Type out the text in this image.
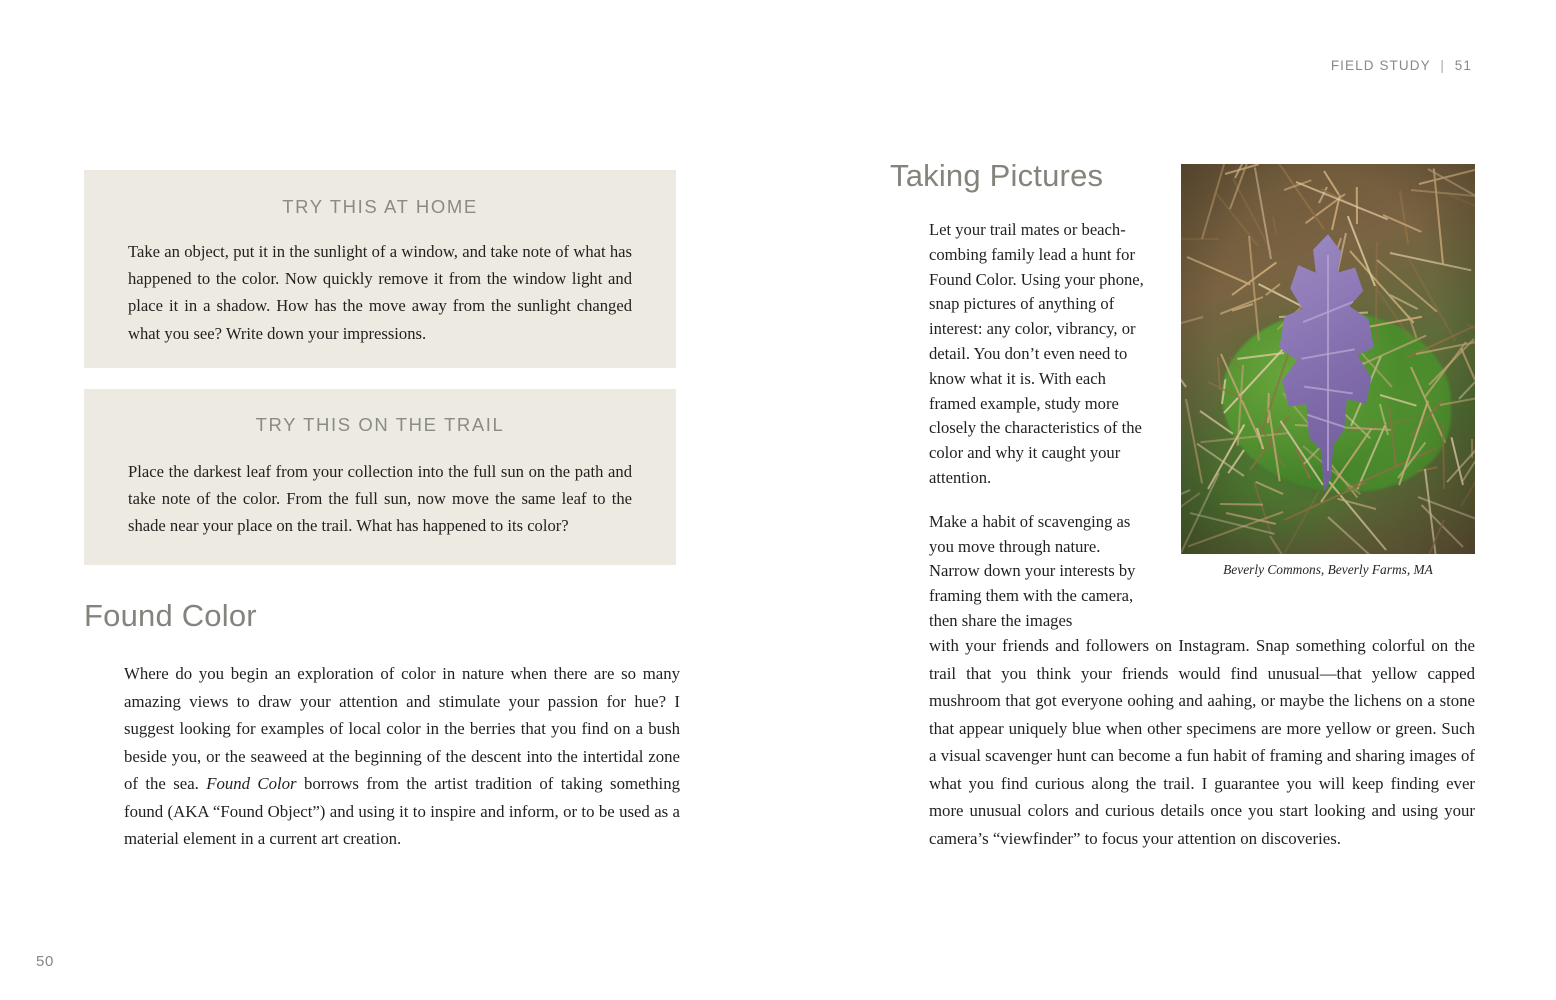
FIELD STUDY | 51
TRY THIS AT HOME
Take an object, put it in the sunlight of a window, and take note of what has happened to the color. Now quickly remove it from the window light and place it in a shadow. How has the move away from the sunlight changed what you see? Write down your impressions.
TRY THIS ON THE TRAIL
Place the darkest leaf from your collection into the full sun on the path and take note of the color. From the full sun, now move the same leaf to the shade near your place on the trail. What has happened to its color?
Found Color
Where do you begin an exploration of color in nature when there are so many amazing views to draw your attention and stimulate your passion for hue? I suggest looking for examples of local color in the berries that you find on a bush beside you, or the seaweed at the beginning of the descent into the intertidal zone of the sea. Found Color borrows from the artist tradition of taking something found (AKA “Found Object”) and using it to inspire and inform, or to be used as a material element in a current art creation.
50
Taking Pictures

Let your trail mates or beach-combing family lead a hunt for Found Color. Using your phone, snap pictures of anything of interest: any color, vibrancy, or detail. You don’t even need to know what it is. With each framed example, study more closely the characteristics of the color and why it caught your attention.

Make a habit of scavenging as you move through nature. Narrow down your interests by framing them with the camera, then share the images

Beverly Commons, Beverly Farms, MA
with your friends and followers on Instagram. Snap something colorful on the trail that you think your friends would find unusual—that yellow capped mushroom that got everyone oohing and aahing, or maybe the lichens on a stone that appear uniquely blue when other specimens are more yellow or green. Such a visual scavenger hunt can become a fun habit of framing and sharing images of what you find curious along the trail. I guarantee you will keep finding ever more unusual colors and curious details once you start looking and using your camera’s “viewfinder” to focus your attention on discoveries.
